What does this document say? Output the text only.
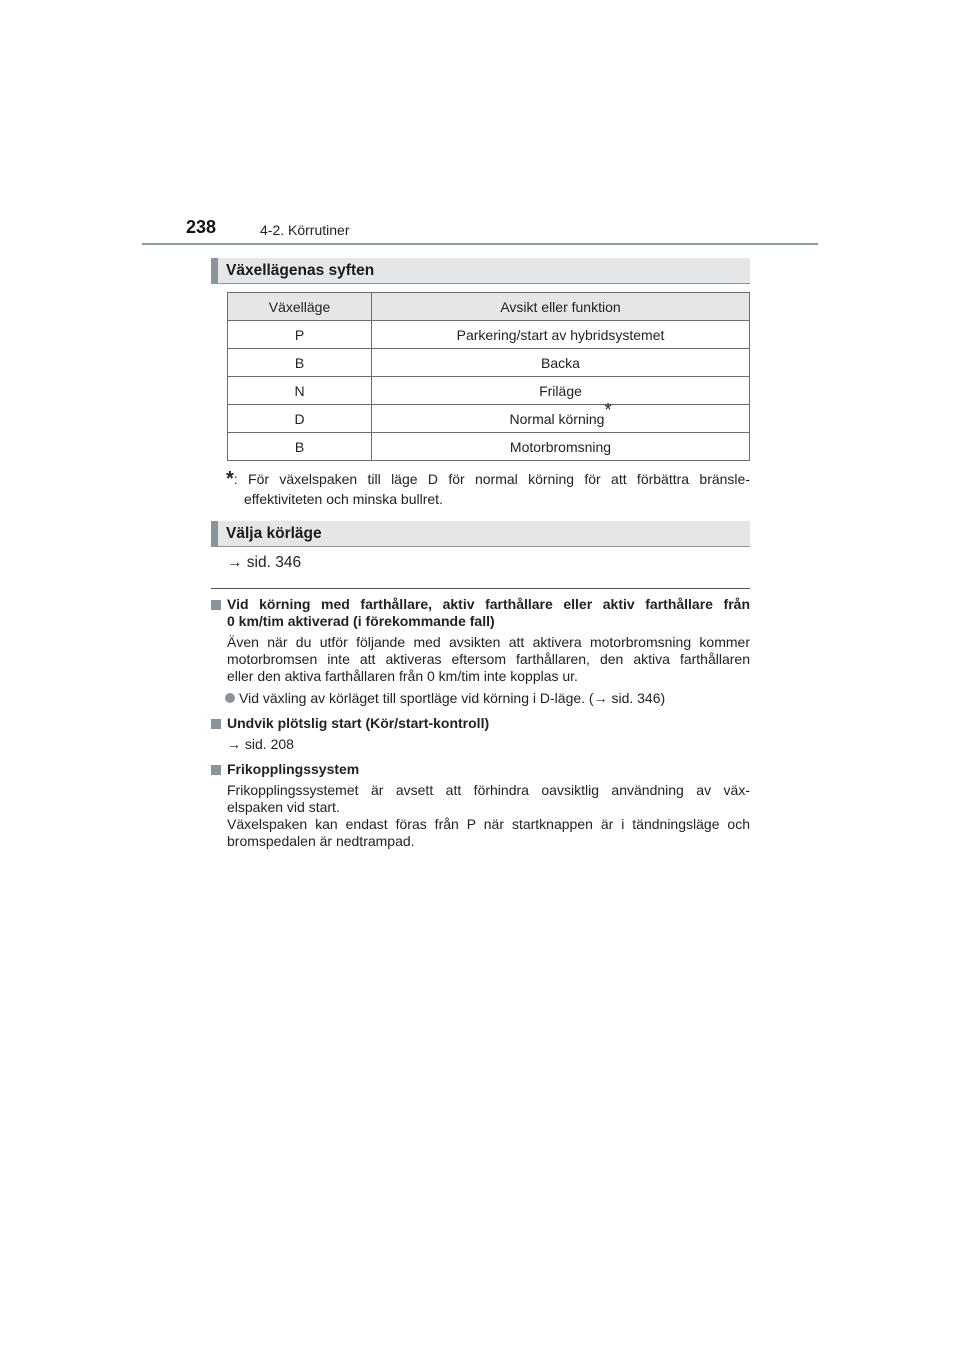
238	4-2. Körrutiner
Växellägenas syften
Växelläge	Avsikt eller funktion
P	Parkering/start av hybridsystemet
B	Backa
N	Friläge
D	Normal körning*
B	Motorbromsning
*: För växelspaken till läge D för normal körning för att förbättra bränsle-
effektiviteten och minska bullret.
Välja körläge
→ sid. 346
Vid körning med farthållare, aktiv farthållare eller aktiv farthållare från
0 km/tim aktiverad (i förekommande fall)
Även när du utför följande med avsikten att aktivera motorbromsning kommer
motorbromsen inte att aktiveras eftersom farthållaren, den aktiva farthållaren
eller den aktiva farthållaren från 0 km/tim inte kopplas ur.
Vid växling av körläget till sportläge vid körning i D-läge. (→ sid. 346)
Undvik plötslig start (Kör/start-kontroll)
→ sid. 208
Frikopplingssystem
Frikopplingssystemet är avsett att förhindra oavsiktlig användning av väx-
elspaken vid start.
Växelspaken kan endast föras från P när startknappen är i tändningsläge och
bromspedalen är nedtrampad.
